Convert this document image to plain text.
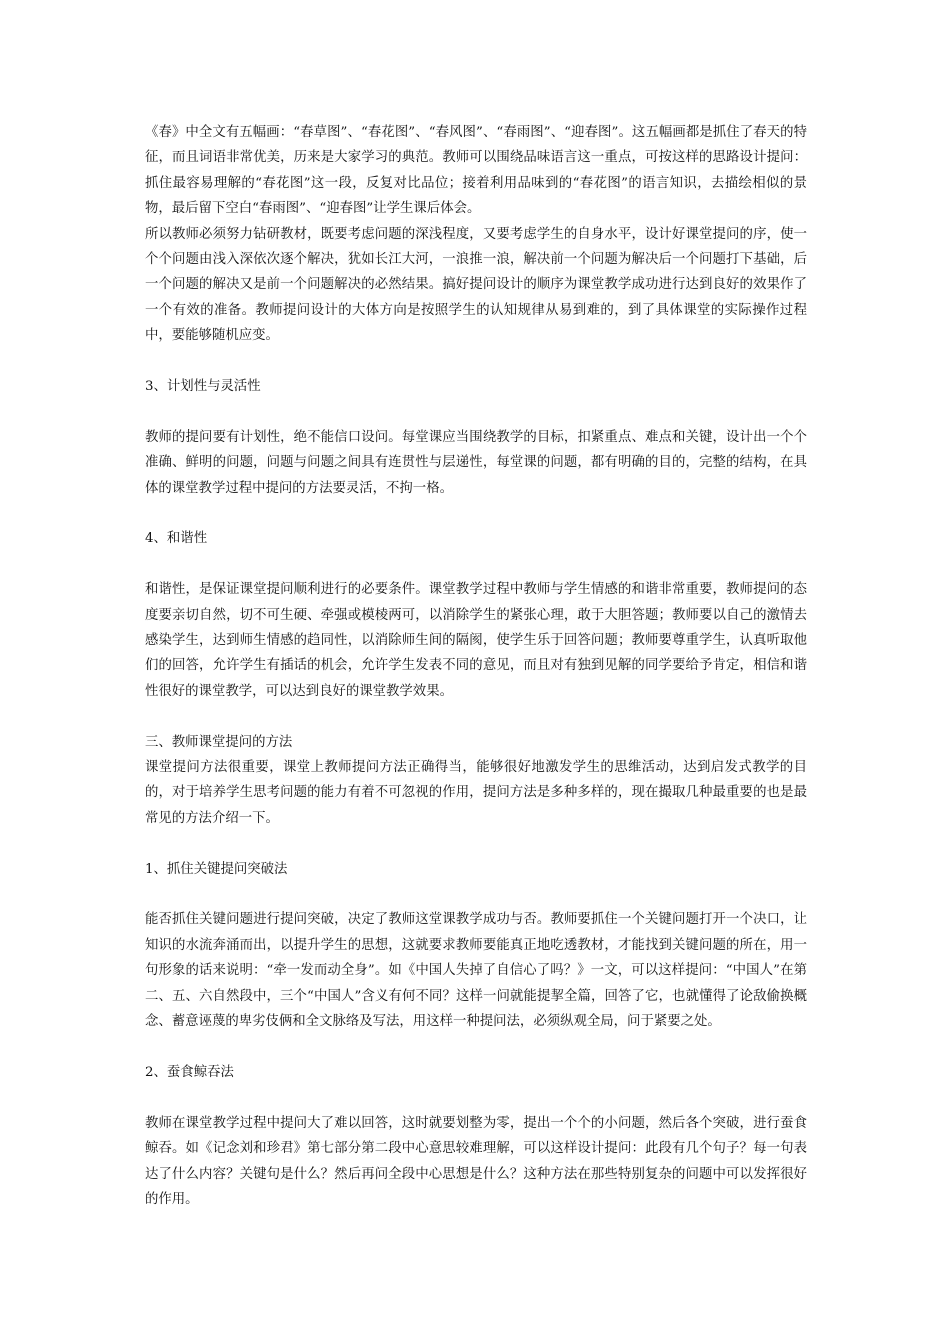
《春》中全文有五幅画：“春草图”、“春花图”、“春风图”、“春雨图”、“迎春图”。这五幅画都是抓住了春天的特征，而且词语非常优美，历来是大家学习的典范。教师可以围绕品味语言这一重点，可按这样的思路设计提问：抓住最容易理解的“春花图”这一段，反复对比品位；接着利用品味到的“春花图”的语言知识，去描绘相似的景物，最后留下空白“春雨图”、“迎春图”让学生课后体会。

所以教师必须努力钻研教材，既要考虑问题的深浅程度，又要考虑学生的自身水平，设计好课堂提问的序，使一个个问题由浅入深依次逐个解决，犹如长江大河，一浪推一浪，解决前一个问题为解决后一个问题打下基础，后一个问题的解决又是前一个问题解决的必然结果。搞好提问设计的顺序为课堂教学成功进行达到良好的效果作了一个有效的准备。教师提问设计的大体方向是按照学生的认知规律从易到难的，到了具体课堂的实际操作过程中，要能够随机应变。

3、计划性与灵活性

教师的提问要有计划性，绝不能信口设问。每堂课应当围绕教学的目标，扣紧重点、难点和关键，设计出一个个准确、鲜明的问题，问题与问题之间具有连贯性与层递性，每堂课的问题，都有明确的目的，完整的结构，在具体的课堂教学过程中提问的方法要灵活，不拘一格。

4、和谐性

和谐性，是保证课堂提问顺利进行的必要条件。课堂教学过程中教师与学生情感的和谐非常重要，教师提问的态度要亲切自然，切不可生硬、牵强或模棱两可，以消除学生的紧张心理，敢于大胆答题；教师要以自己的激情去感染学生，达到师生情感的趋同性，以消除师生间的隔阂，使学生乐于回答问题；教师要尊重学生，认真听取他们的回答，允许学生有插话的机会，允许学生发表不同的意见，而且对有独到见解的同学要给予肯定，相信和谐性很好的课堂教学，可以达到良好的课堂教学效果。

三、教师课堂提问的方法

课堂提问方法很重要，课堂上教师提问方法正确得当，能够很好地激发学生的思维活动，达到启发式教学的目的，对于培养学生思考问题的能力有着不可忽视的作用，提问方法是多种多样的，现在撮取几种最重要的也是最常见的方法介绍一下。

1、抓住关键提问突破法

能否抓住关键问题进行提问突破，决定了教师这堂课教学成功与否。教师要抓住一个关键问题打开一个决口，让知识的水流奔涌而出，以提升学生的思想，这就要求教师要能真正地吃透教材，才能找到关键问题的所在，用一句形象的话来说明：“牵一发而动全身”。如《中国人失掉了自信心了吗？》一文，可以这样提问：“中国人”在第二、五、六自然段中，三个“中国人”含义有何不同？这样一问就能提挈全篇，回答了它，也就懂得了论敌偷换概念、蓄意诬蔑的卑劣伎俩和全文脉络及写法，用这样一种提问法，必须纵观全局，问于紧要之处。

2、蚕食鲸吞法

教师在课堂教学过程中提问大了难以回答，这时就要划整为零，提出一个个的小问题，然后各个突破，进行蚕食鲸吞。如《记念刘和珍君》第七部分第二段中心意思较难理解，可以这样设计提问：此段有几个句子？每一句表达了什么内容？关键句是什么？然后再问全段中心思想是什么？这种方法在那些特别复杂的问题中可以发挥很好的作用。
